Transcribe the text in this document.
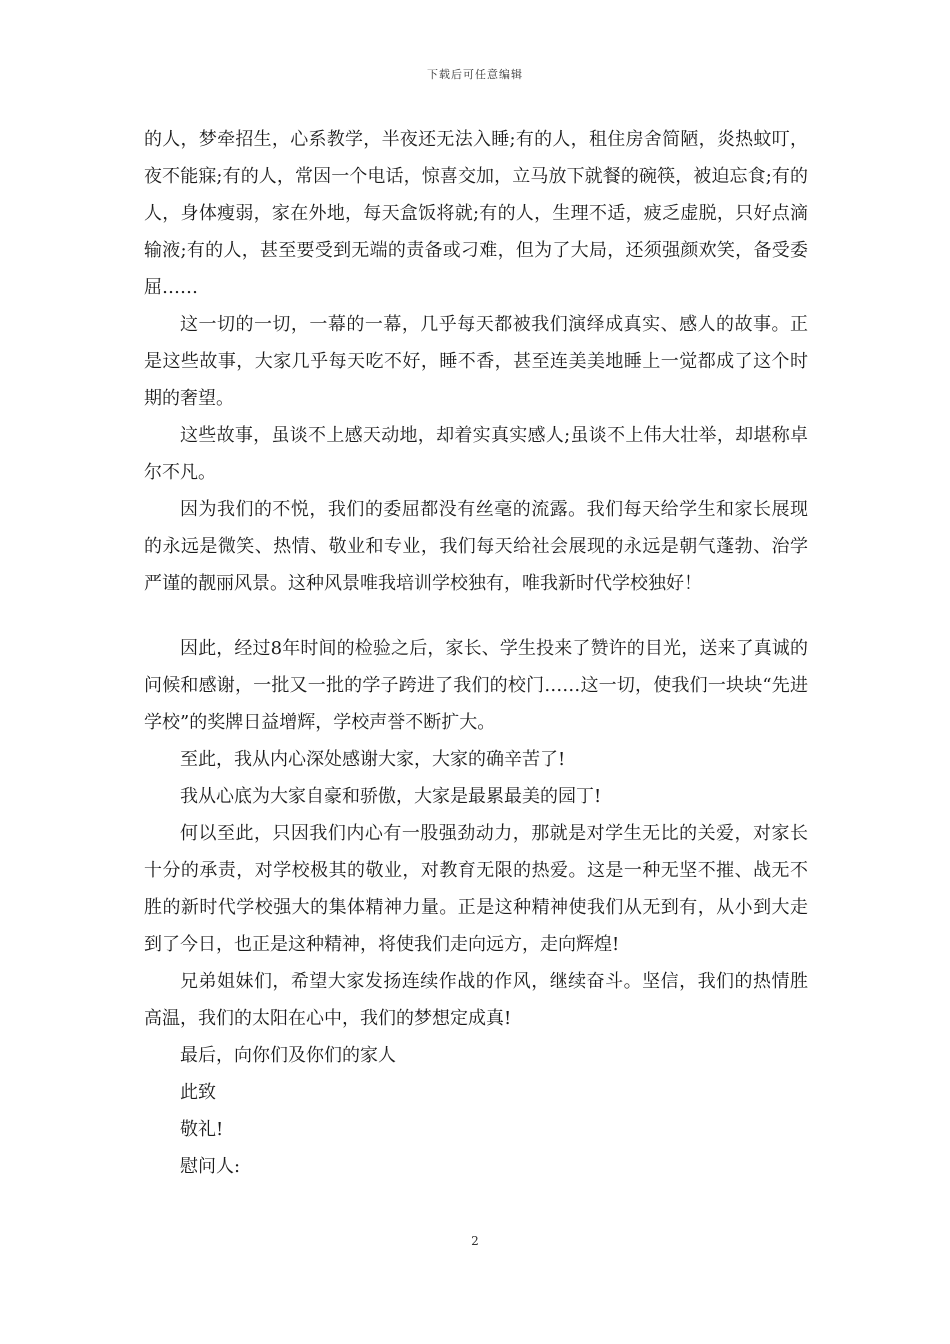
下载后可任意编辑

的人，梦牵招生，心系教学，半夜还无法入睡;有的人，租住房舍简陋，炎热蚊叮，夜不能寐;有的人，常因一个电话，惊喜交加，立马放下就餐的碗筷，被迫忘食;有的人，身体瘦弱，家在外地，每天盒饭将就;有的人，生理不适，疲乏虚脱，只好点滴输液;有的人，甚至要受到无端的责备或刁难，但为了大局，还须强颜欢笑，备受委屈……

这一切的一切，一幕的一幕，几乎每天都被我们演绎成真实、感人的故事。正是这些故事，大家几乎每天吃不好，睡不香，甚至连美美地睡上一觉都成了这个时期的奢望。

这些故事，虽谈不上感天动地，却着实真实感人;虽谈不上伟大壮举，却堪称卓尔不凡。

因为我们的不悦，我们的委屈都没有丝毫的流露。我们每天给学生和家长展现的永远是微笑、热情、敬业和专业，我们每天给社会展现的永远是朝气蓬勃、治学严谨的靓丽风景。这种风景唯我培训学校独有，唯我新时代学校独好！

因此，经过8年时间的检验之后，家长、学生投来了赞许的目光，送来了真诚的问候和感谢，一批又一批的学子跨进了我们的校门……这一切，使我们一块块“先进学校”的奖牌日益增辉，学校声誉不断扩大。

至此，我从内心深处感谢大家，大家的确辛苦了!

我从心底为大家自豪和骄傲，大家是最累最美的园丁!

何以至此，只因我们内心有一股强劲动力，那就是对学生无比的关爱，对家长十分的承责，对学校极其的敬业，对教育无限的热爱。这是一种无坚不摧、战无不胜的新时代学校强大的集体精神力量。正是这种精神使我们从无到有，从小到大走到了今日，也正是这种精神，将使我们走向远方，走向辉煌!

兄弟姐妹们，希望大家发扬连续作战的作风，继续奋斗。坚信，我们的热情胜高温，我们的太阳在心中，我们的梦想定成真!

最后，向你们及你们的家人

此致

敬礼!

慰问人:

2
